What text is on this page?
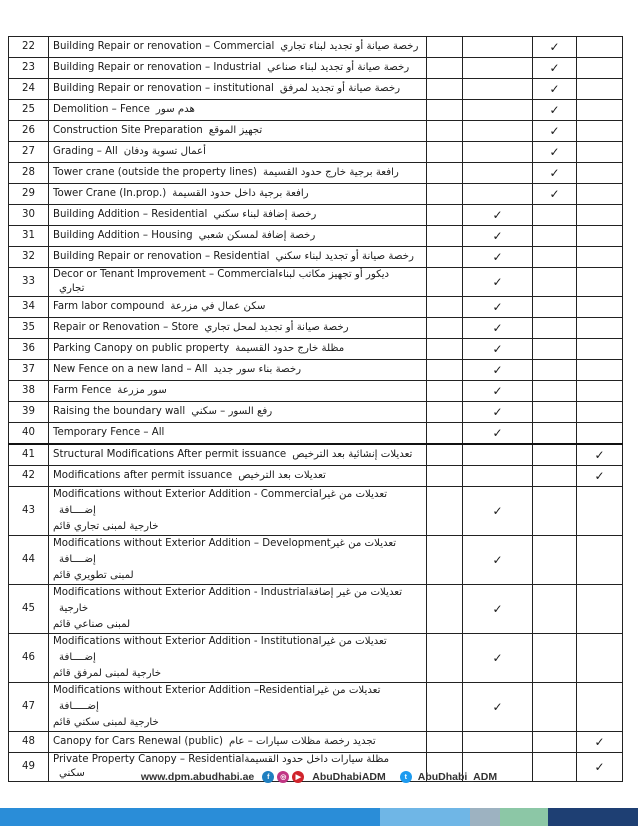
22	Building Repair or renovation – Commercial رخصة صيانة أو تجديد لبناء تجاري			✓	
23	Building Repair or renovation – Industrial رخصة صيانة أو تجديد لبناء صناعي			✓	
24	Building Repair or renovation – institutional رخصة صيانة أو تجديد لمرفق			✓	
25	Demolition – Fence هدم سور			✓	
26	Construction Site Preparation تجهيز الموقع			✓	
27	Grading – All أعمال تسوية ودفان			✓	
28	Tower crane (outside the property lines) رافعة برجية خارج حدود القسيمة			✓	
29	Tower Crane (In.prop.) رافعة برجية داخل حدود القسيمة			✓	
30	Building Addition – Residential رخصة إضافة لبناء سكني		✓		
31	Building Addition – Housing رخصة إضافة لمسكن شعبي		✓		
32	Building Repair or renovation – Residential رخصة صيانة أو تجديد لبناء سكني		✓		
33	Decor or Tenant Improvement – Commercialديكور أو تجهيز مكاتب لبناء تجاري		✓		
34	Farm labor compound سكن عمال في مزرعة		✓		
35	Repair or Renovation – Store رخصة صيانة أو تجديد لمحل تجاري		✓		
36	Parking Canopy on public property مظلة خارج حدود القسيمة		✓		
37	New Fence on a new land – All رخصة بناء سور جديد		✓		
38	Farm Fence سور مزرعة		✓		
39	Raising the boundary wall رفع السور – سكني		✓		
40	Temporary Fence – All		✓		
41	Structural Modifications After permit issuance تعديلات إنشائية بعد الترخيص				✓
42	Modifications after permit issuance تعديلات بعد الترخيص				✓
43	Modifications without Exterior Addition - Commercialتعديلات من غير إضــــافة
خارجية لمبنى تجاري قائم		✓		
44	Modifications without Exterior Addition – Developmentتعديلات من غير إضــــافة
لمبنى تطويري قائم		✓		
45	Modifications without Exterior Addition - Industrialتعديلات من غير إضافة خارجية
لمبنى صناعي قائم		✓		
46	Modifications without Exterior Addition - Institutionalتعديلات من غير إضــــافة
خارجية لمبنى لمرفق قائم		✓		
47	Modifications without Exterior Addition –Residentialتعديلات من غير إضـــــافة
خارجية لمبنى سكني قائم		✓		
48	Canopy for Cars Renewal (public) تجديد رخصة مظلات سيارات – عام				✓
49	Private Property Canopy – Residentialمظلة سيارات داخل حدود القسيمة سكني				✓
www.dpm.abudhabi.ae	f	◎	▶	AbuDhabiADM	t	AbuDhabi_ADM
